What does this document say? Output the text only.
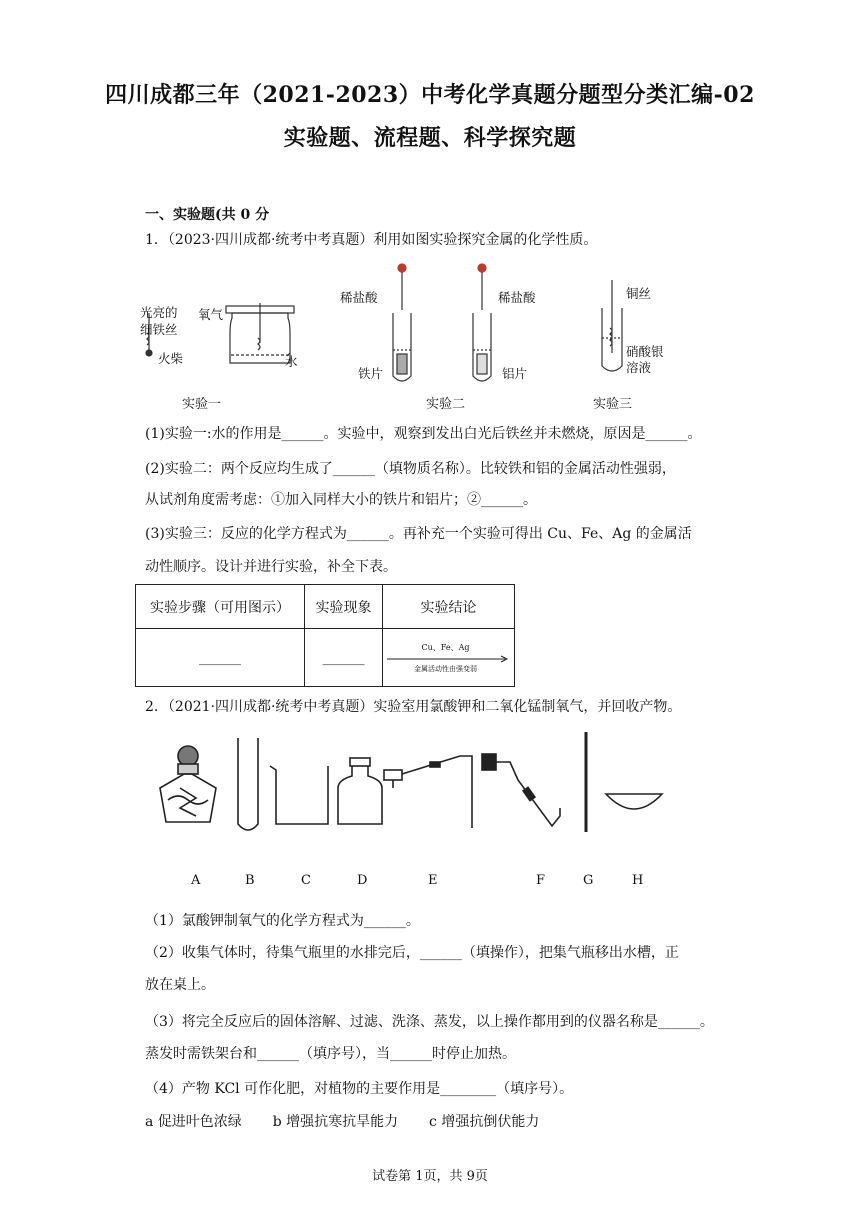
四川成都三年（2021-2023）中考化学真题分题型分类汇编-02
实验题、流程题、科学探究题
一、实验题(共 0 分
1．（2023·四川成都·统考中考真题）利用如图实验探究金属的化学性质。
光亮的
细铁丝
氧气
火柴	水
稀盐酸	稀盐酸
铁片	铝片
铜丝
硝酸银
溶液
实验一	实验二	实验三
(1)实验一:水的作用是______。实验中，观察到发出白光后铁丝并未燃烧，原因是______。
(2)实验二：两个反应均生成了______（填物质名称）。比较铁和铝的金属活动性强弱，
从试剂角度需考虑：①加入同样大小的铁片和铝片；②______。
(3)实验三：反应的化学方程式为______。再补充一个实验可得出 Cu、Fe、Ag 的金属活
动性顺序。设计并进行实验，补全下表。
实验步骤（可用图示）	实验现象	实验结论
______	______	Cu、Fe、Ag
金属活动性由强变弱
2．（2021·四川成都·统考中考真题）实验室用氯酸钾和二氧化锰制氧气，并回收产物。
A	B	C	D	E	F	G	H
（1）氯酸钾制氧气的化学方程式为______。
（2）收集气体时，待集气瓶里的水排完后，______（填操作），把集气瓶移出水槽，正
放在桌上。
（3）将完全反应后的固体溶解、过滤、洗涤、蒸发，以上操作都用到的仪器名称是______。
蒸发时需铁架台和______（填序号），当______时停止加热。
（4）产物 KCl 可作化肥，对植物的主要作用是________（填序号）。
a 促进叶色浓绿 b 增强抗寒抗旱能力 c 增强抗倒伏能力
试卷第 1页，共 9页
